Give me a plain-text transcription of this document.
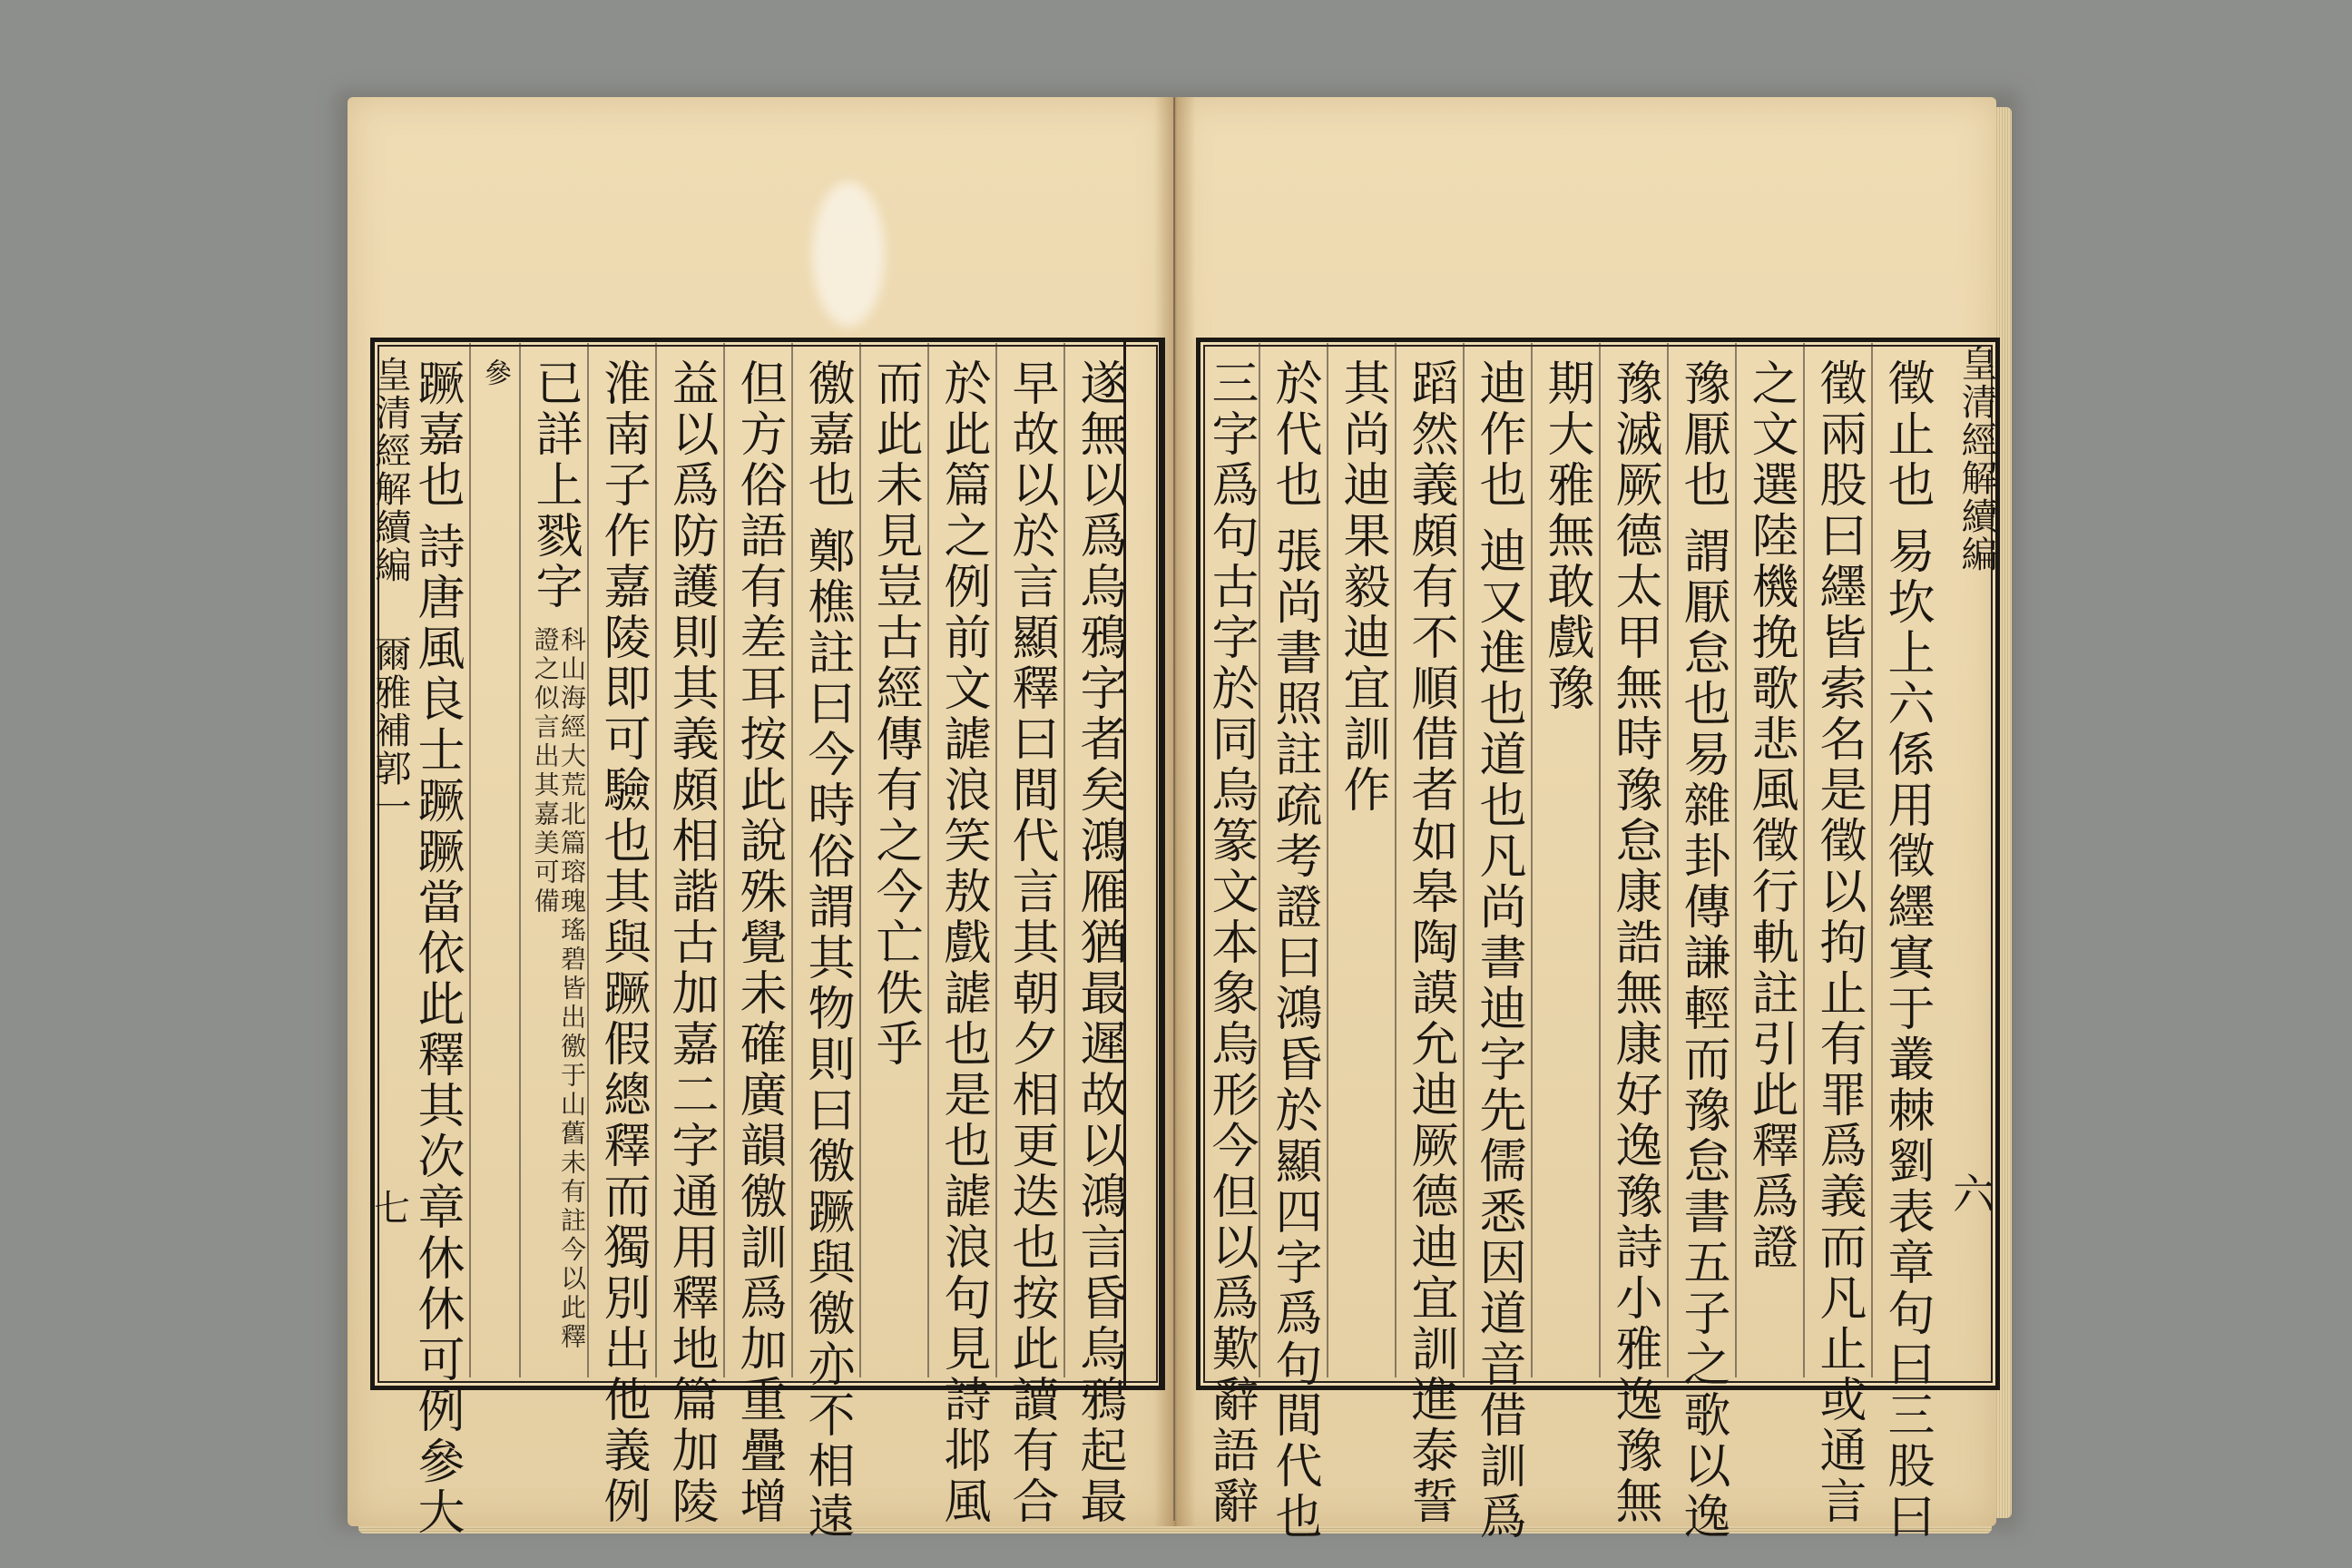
皇清經解續編
爾雅補郭一
七	遂無以爲烏鴉字者矣鴻雁猶最遲故以鴻言昏烏鴉起最
早故以於言顯釋曰間代言其朝夕相更迭也按此讀有合
於此篇之例前文謔浪笑敖戲謔也是也謔浪句見詩邶風
而此未見豈古經傳有之今亡佚乎
徼嘉也
鄭樵註曰今時俗謂其物則曰徼蹶與徼亦不相遠
但方俗語有差耳按此說殊覺未確廣韻徼訓爲加重疊增
益以爲防護則其義頗相諧古加嘉二字通用釋地篇加陵
淮南子作嘉陵即可驗也其與蹶假總釋而獨別出他義例
已詳上戮字
科山海經大荒北篇瑢瑰瑤碧皆出徼于山舊未有註今以此釋證之似言出其嘉美可備
參
蹶嘉也
詩唐風良士蹶蹶當依此釋其次章休休可例參大
皇清經解續編
六
徵止也
易坎上六係用徵纆寘于叢棘劉表章句曰三股曰
徵兩股曰纆皆索名是徵以拘止有罪爲義而凡止或通言
之文選陸機挽歌悲風徵行軌註引此釋爲證
豫厭也
謂厭怠也易雜卦傳謙輕而豫怠書五子之歌以逸
豫滅厥德太甲無時豫怠康誥無康好逸豫詩小雅逸豫無
期大雅無敢戲豫
迪作也
迪又進也道也凡尚書迪字先儒悉因道音借訓爲
蹈然義頗有不順借者如皋陶謨允迪厥德迪宜訓進泰誓
其尚迪果毅迪宜訓作
於代也
張尚書照註疏考證曰鴻昏於顯四字爲句間代也
三字爲句古字於同烏篆文本象烏形今但以爲歎辭語辭
